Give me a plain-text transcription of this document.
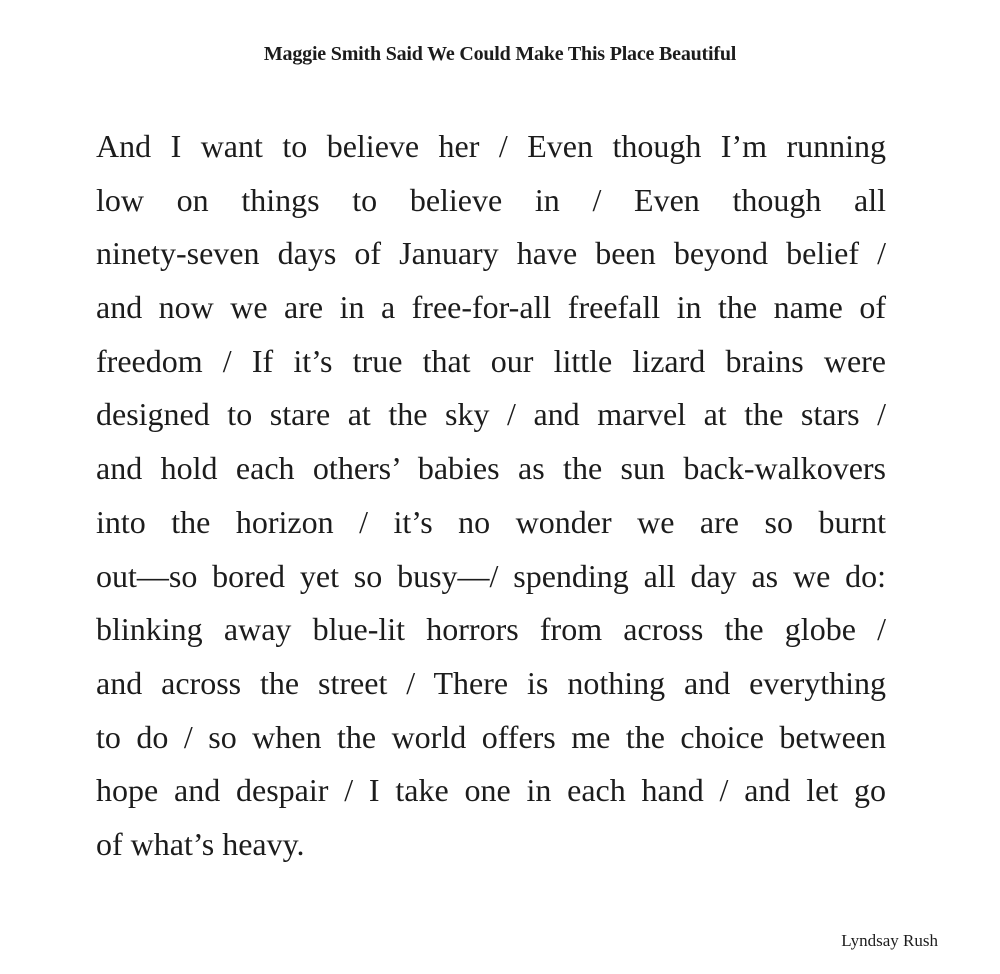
Maggie Smith Said We Could Make This Place Beautiful
And I want to believe her / Even though I’m running
low on things to believe in / Even though all
ninety-seven days of January have been beyond belief /
and now we are in a free-for-all freefall in the name of
freedom / If it’s true that our little lizard brains were
designed to stare at the sky / and marvel at the stars /
and hold each others’ babies as the sun back-walkovers
into the horizon / it’s no wonder we are so burnt
out—so bored yet so busy—/ spending all day as we do:
blinking away blue-lit horrors from across the globe /
and across the street / There is nothing and everything
to do / so when the world offers me the choice between
hope and despair / I take one in each hand / and let go
of what’s heavy.

Lyndsay Rush
